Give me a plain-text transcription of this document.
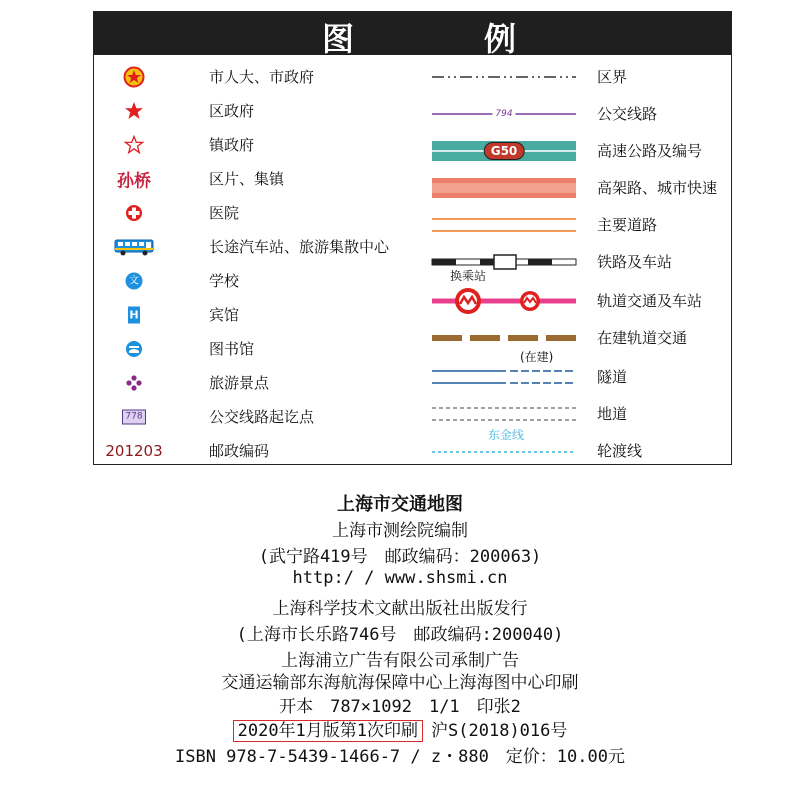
图	例
市人大、市政府
区政府
镇政府
孙桥	区片、集镇
医院
长途汽车站、旅游集散中心
文	学校
H	宾馆
图书馆
旅游景点
778	公交线路起讫点
201203	邮政编码
区界
794	公交线路
G50	高速公路及编号
高架路、城市快速
主要道路
铁路及车站
换乘站
轨道交通及车站
在建轨道交通
(在建)
隧道
地道
东金线
轮渡线
上海市交通地图
上海市测绘院编制
(武宁路419号　邮政编码：200063)
http:/ / www.shsmi.cn
上海科学技术文献出版社出版发行
(上海市长乐路746号　邮政编码:200040)
上海浦立广告有限公司承制广告
交通运输部东海航海保障中心上海海图中心印刷
开本　787×1092　1/1　印张2
2020年1月版第1次印刷 沪S(2018)016号
ISBN 978-7-5439-1466-7 / z・880　定价：10.00元
